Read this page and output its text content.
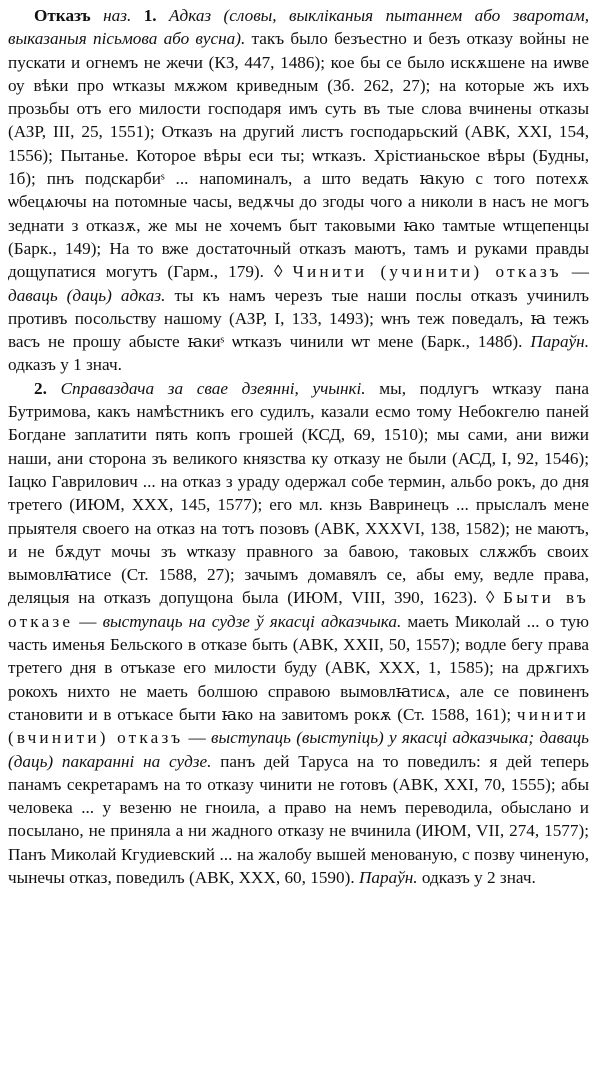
Отказъ наз. 1. Адказ (словы, выкліканыя пытаннем або зваротам, выказаныя пісьмова або вусна). такъ было безъестно и безъ отказу войны не пускати и огнемъ не жечи (КЗ, 447, 1486); кое бы се было искѫшене на иѡве оу вѣки про ѡтказы мѫжом криведным (Зб. 262, 27); на которые жъ ихъ прозьбы отъ его милости господаря имъ суть въ тые слова вчинены отказы (АЗР, III, 25, 1551); Отказъ на другий листъ господарьский (АВК, XXI, 154, 1556); Пытанье. Которое вѣры еси ты; ѡтказъ. Хрістианьское вѣры (Будны, 1б); пнъ подскарбиˢ ... напоминалъ, а што ведать ꙗкую с того потехѫ ѡбецѧючы на потомные часы, ведѫчы до згоды чого а николи в насъ не могъ зеднати з отказѫ, же мы не хочемъ быт таковыми ꙗко тамтые ѡтщепенцы (Барк., 149); На то вже достаточный отказъ маютъ, тамъ и руками правды дощупатися могутъ (Гарм., 179). ◊ Чинити (учинити) отказъ — даваць (даць) адказ. ты къ намъ черезъ тые наши послы отказъ учинилъ противъ посольству нашому (АЗР, I, 133, 1493); ѡнъ теж поведалъ, ꙗ тежъ васъ не прошу абысте ꙗкиˢ ѡтказъ чинили ѡт мене (Барк., 148б). Параўн. одказъ у 1 знач.

2. Справаздача за свае дзеянні, учынкі. мы, подлугъ ѡтказу пана Бутримова, какъ намѣстникъ его судилъ, казали есмо тому Небокгелю паней Богдане заплатити пять копъ грошей (КСД, 69, 1510); мы сами, ани вижи наши, ани сторона зъ великого князства ку отказу не были (АСД, I, 92, 1546); Іацко Гаврилович ... на отказ з ураду одержал собе термин, альбо рокъ, до дня третего (ИЮМ, XXX, 145, 1577); его мл. кнзь Вавринецъ ... прыслалъ мене прыятеля своего на отказ на тотъ позовъ (АВК, XXXVI, 138, 1582); не маютъ, и не бѫдут мочы зъ ѡтказу правного за бавою, таковых слѫжбъ своих вымовлꙗтисе (Ст. 1588, 27); зачымъ домавялъ се, абы ему, ведле права, деляцыя на отказъ допущона была (ИЮМ, VIII, 390, 1623). ◊ Быти въ отказе — выступаць на судзе ў якасці адказчыка. маеть Миколай ... о тую часть именья Бельского в отказе быть (АВК, XXII, 50, 1557); водле бегу права третего дня в отъказе его милости буду (АВК, XXX, 1, 1585); на дрѫгихъ рокохъ нихто не маеть болшою справою вымовлꙗтисѧ, але се повиненъ становити и в отъкасе быти ꙗко на завитомъ рокѫ (Ст. 1588, 161); чинити (вчинити) отказъ — выступаць (выступіць) у якасці адказчыка; даваць (даць) пакаранні на судзе. панъ дей Таруса на то поведилъ: я дей теперь панамъ секретарамъ на то отказу чинити не готовъ (АВК, XXI, 70, 1555); абы человека ... у везеню не гноила, а право на немъ переводила, обыслано и посылано, не приняла а ни жадного отказу не вчинила (ИЮМ, VII, 274, 1577); Панъ Миколай Кгудиевский ... на жалобу вышей менованую, с позву чиненую, чынечы отказ, поведилъ (АВК, XXX, 60, 1590). Параўн. одказъ у 2 знач.
